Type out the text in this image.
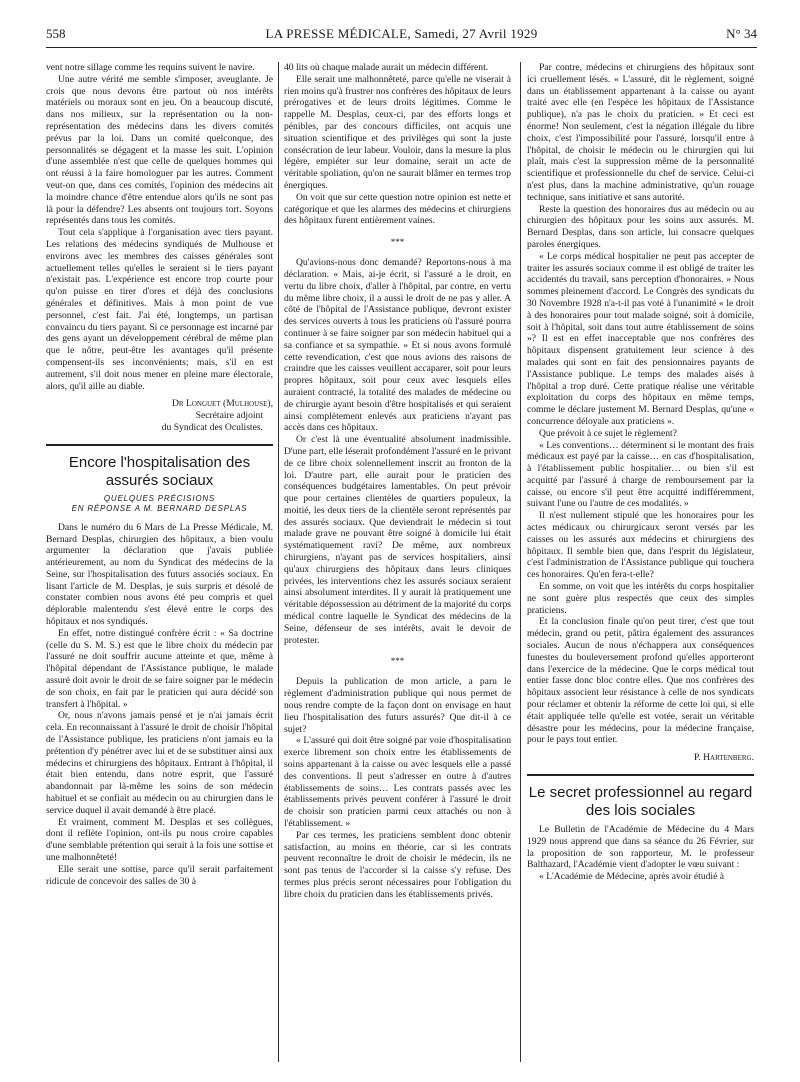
558	LA PRESSE MÉDICALE, Samedi, 27 Avril 1929	N° 34

vent notre sillage comme les requins suivent le navire.

Une autre vérité me semble s'imposer, aveuglante. Je crois que nous devons être partout où nos intérêts matériels ou moraux sont en jeu. On a beaucoup discuté, dans nos milieux, sur la représentation ou la non-représentation des médecins dans les divers comités prévus par la loi. Dans un comité quelconque, des personnalités se dégagent et la masse les suit. L'opinion d'une assemblée n'est que celle de quelques hommes qui ont réussi à la faire homologuer par les autres. Comment veut-on que, dans ces comités, l'opinion des médecins ait la moindre chance d'être entendue alors qu'ils ne sont pas là pour la défendre? Les absents ont toujours tort. Soyons représentés dans tous les comités.

Tout cela s'applique à l'organisation avec tiers payant. Les relations des médecins syndiqués de Mulhouse et environs avec les membres des caisses générales sont actuellement telles qu'elles le seraient si le tiers payant n'existait pas. L'expérience est encore trop courte pour qu'on puisse en tirer d'ores et déjà des conclusions générales et définitives. Mais à mon point de vue personnel, c'est fait. J'ai été, longtemps, un partisan convaincu du tiers payant. Si ce personnage est incarné par des gens ayant un développement cérébral de même plan que le nôtre, peut-être les avantages qu'il présente compensent-ils ses inconvénients; mais, s'il en est autrement, s'il doit nous mener en pleine mare électorale, alors, qu'il aille au diable.

Dr Longuet (Mulhouse),
Secrétaire adjoint
du Syndicat des Oculistes.
Encore l'hospitalisation des assurés sociaux
QUELQUES PRÉCISIONS
EN RÉPONSE A M. BERNARD DESPLAS

Dans le numéro du 6 Mars de La Presse Médicale, M. Bernard Desplas, chirurgien des hôpitaux, a bien voulu argumenter la déclaration que j'avais publiée antérieurement, au nom du Syndicat des médecins de la Seine, sur l'hospitalisation des futurs associés sociaux. En lisant l'article de M. Desplas, je suis surpris et désolé de constater combien nous avons été peu compris et quel déplorable malentendu s'est élevé entre le corps des hôpitaux et nos syndiqués.

En effet, notre distingué confrère écrit : « Sa doctrine (celle du S. M. S.) est que le libre choix du médecin par l'assuré ne doit souffrir aucune atteinte et que, même à l'hôpital dépendant de l'Assistance publique, le malade assuré doit avoir le droit de se faire soigner par le médecin de son choix, en fait par le praticien qui aura décidé son transfert à l'hôpital. »

Or, nous n'avons jamais pensé et je n'ai jamais écrit cela. En reconnaissant à l'assuré le droit de choisir l'hôpital de l'Assistance publique, les praticiens n'ont jamais eu la prétention d'y pénétrer avec lui et de se substituer ainsi aux médecins et chirurgiens des hôpitaux. Entrant à l'hôpital, il était bien entendu, dans notre esprit, que l'assuré abandonnait par là-même les soins de son médecin habituel et se confiait au médecin ou au chirurgien dans le service duquel il avait demandé à être placé.

Et vraiment, comment M. Desplas et ses collègues, dont il reflète l'opinion, ont-ils pu nous croire capables d'une semblable prétention qui serait à la fois une sottise et une malhonnêteté!

Elle serait une sottise, parce qu'il serait parfaitement ridicule de concevoir des salles de 30 à

40 lits où chaque malade aurait un médecin différent.

Elle serait une malhonnêteté, parce qu'elle ne viserait à rien moins qu'à frustrer nos confrères des hôpitaux de leurs prérogatives et de leurs droits légitimes. Comme le rappelle M. Desplas, ceux-ci, par des efforts longs et pénibles, par des concours difficiles, ont acquis une situation scientifique et des privilèges qui sont la juste consécration de leur labeur. Vouloir, dans la mesure la plus légère, empiéter sur leur domaine, serait un acte de véritable spoliation, qu'on ne saurait blâmer en termes trop énergiques.

On voit que sur cette question notre opinion est nette et catégorique et que les alarmes des médecins et chirurgiens des hôpitaux furent entièrement vaines.

***

Qu'avions-nous donc demandé? Reportons-nous à ma déclaration. « Mais, ai-je écrit, si l'assuré a le droit, en vertu du libre choix, d'aller à l'hôpital, par contre, en vertu du même libre choix, il a aussi le droit de ne pas y aller. A côté de l'hôpital de l'Assistance publique, devront exister des services ouverts à tous les praticiens où l'assuré pourra continuer à se faire soigner par son médecin habituel qui a sa confiance et sa sympathie. » Et si nous avons formulé cette revendication, c'est que nous avions des raisons de craindre que les caisses veuillent accaparer, soit pour leurs propres hôpitaux, soit pour ceux avec lesquels elles auraient contracté, la totalité des malades de médecine ou de chirurgie ayant besoin d'être hospitalisés et qui seraient ainsi complètement enlevés aux praticiens n'ayant pas accès dans ces hôpitaux.

Or c'est là une éventualité absolument inadmissible. D'une part, elle léserait profondément l'assuré en le privant de ce libre choix solennellement inscrit au fronton de la loi. D'autre part, elle aurait pour le praticien des conséquences budgétaires lamentables. On peut prévoir que pour certaines clientèles de quartiers populeux, la moitié, les deux tiers de la clientèle seront représentés par des assurés sociaux. Que deviendrait le médecin si tout malade grave ne pouvant être soigné à domicile lui était systématiquement ravi? De même, aux nombreux chirurgiens, n'ayant pas de services hospitaliers, ainsi qu'aux chirurgiens des hôpitaux dans leurs cliniques privées, les interventions chez les assurés sociaux seraient ainsi absolument interdites. Il y aurait là pratiquement une véritable dépossession au détriment de la majorité du corps médical contre laquelle le Syndicat des médecins de la Seine, défenseur de ses intérêts, avait le devoir de protester.

***

Depuis la publication de mon article, a paru le règlement d'administration publique qui nous permet de nous rendre compte de la façon dont on envisage en haut lieu l'hospitalisation des futurs assurés? Que dit-il à ce sujet?

« L'assuré qui doit être soigné par voie d'hospitalisation exerce librement son choix entre les établissements de soins appartenant à la caisse ou avec lesquels elle a passé des conventions. Il peut s'adresser en outre à d'autres établissements de soins… Les contrats passés avec les établissements privés peuvent conférer à l'assuré le droit de choisir son praticien parmi ceux attachés ou non à l'établissement. »

Par ces termes, les praticiens semblent donc obtenir satisfaction, au moins en théorie, car si les contrats peuvent reconnaître le droit de choisir le médecin, ils ne sont pas tenus de l'accorder si la caisse s'y refuse. Des termes plus précis seront nécessaires pour l'obligation du libre choix du praticien dans les établissements privés.

Par contre, médecins et chirurgiens des hôpitaux sont ici cruellement lésés. « L'assuré, dit le règlement, soigné dans un établissement appartenant à la caisse ou ayant traité avec elle (en l'espèce les hôpitaux de l'Assistance publique), n'a pas le choix du praticien. » Et ceci est énorme! Non seulement, c'est la négation illégale du libre choix, c'est l'impossibilité pour l'assuré, lorsqu'il entre à l'hôpital, de choisir le médecin ou le chirurgien qui lui plaît, mais c'est la suppression même de la personnalité scientifique et professionnelle du chef de service. Celui-ci n'est plus, dans la machine administrative, qu'un rouage technique, sans initiative et sans autorité.

Reste la question des honoraires dus au médecin ou au chirurgien des hôpitaux pour les soins aux assurés. M. Bernard Desplas, dans son article, lui consacre quelques paroles énergiques.

« Le corps médical hospitalier ne peut pas accepter de traiter les assurés sociaux comme il est obligé de traiter les accidentés du travail, sans perception d'honoraires. » Nous sommes pleinement d'accord. Le Congrès des syndicats du 30 Novembre 1928 n'a-t-il pas voté à l'unanimité « le droit à des honoraires pour tout malade soigné, soit à domicile, soit à l'hôpital, soit dans tout autre établissement de soins »? Il est en effet inacceptable que nos confrères des hôpitaux dispensent gratuitement leur science à des malades qui sont en fait des pensionnaires payants de l'Assistance publique. Le temps des malades aisés à l'hôpital a trop duré. Cette pratique réalise une véritable exploitation du corps des hôpitaux en même temps, comme le déclare justement M. Bernard Desplas, qu'une « concurrence déloyale aux praticiens ».

Que prévoit à ce sujet le règlement?

« Les conventions… déterminent si le montant des frais médicaux est payé par la caisse… en cas d'hospitalisation, à l'établissement public hospitalier… ou bien s'il est acquitté par l'assuré à charge de remboursement par la caisse, ou encore s'il peut être acquitté indifféremment, suivant l'une ou l'autre de ces modalités. »

Il n'est nullement stipulé que les honoraires pour les actes médicaux ou chirurgicaux seront versés par les caisses ou les assurés aux médecins et chirurgiens des hôpitaux. Il semble bien que, dans l'esprit du législateur, c'est l'administration de l'Assistance publique qui touchera ces honoraires. Qu'en fera-t-elle?

En somme, on voit que les intérêts du corps hospitalier ne sont guère plus respectés que ceux des simples praticiens.

Et la conclusion finale qu'on peut tirer, c'est que tout médecin, grand ou petit, pâtira également des assurances sociales. Aucun de nous n'échappera aux conséquences funestes du bouleversement profond qu'elles apporteront dans l'exercice de la médecine. Que le corps médical tout entier fasse donc bloc contre elles. Que nos confrères des hôpitaux associent leur résistance à celle de nos syndicats pour réclamer et obtenir la réforme de cette loi qui, si elle était appliquée telle qu'elle est votée, serait un véritable désastre pour les médecins, pour la médecine française, pour le pays tout entier.

P. Hartenberg.
Le secret professionnel au regard des lois sociales

Le Bulletin de l'Académie de Médecine du 4 Mars 1929 nous apprend que dans sa séance du 26 Février, sur la proposition de son rapporteur, M. le professeur Balthazard, l'Académie vient d'adopter le vœu suivant :

« L'Académie de Médecine, après avoir étudié à
